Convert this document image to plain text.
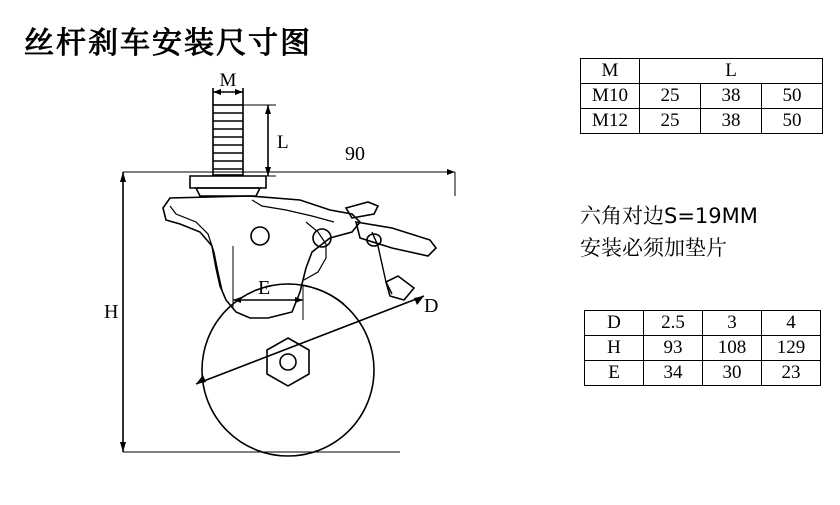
丝杆刹车安装尺寸图
M
L
90
H
E
D
M	L		
M10	25	38	50
M12	25	38	50
六角对边S=19MM
安装必须加垫片
D	2.5	3	4
H	93	108	129
E	34	30	23
